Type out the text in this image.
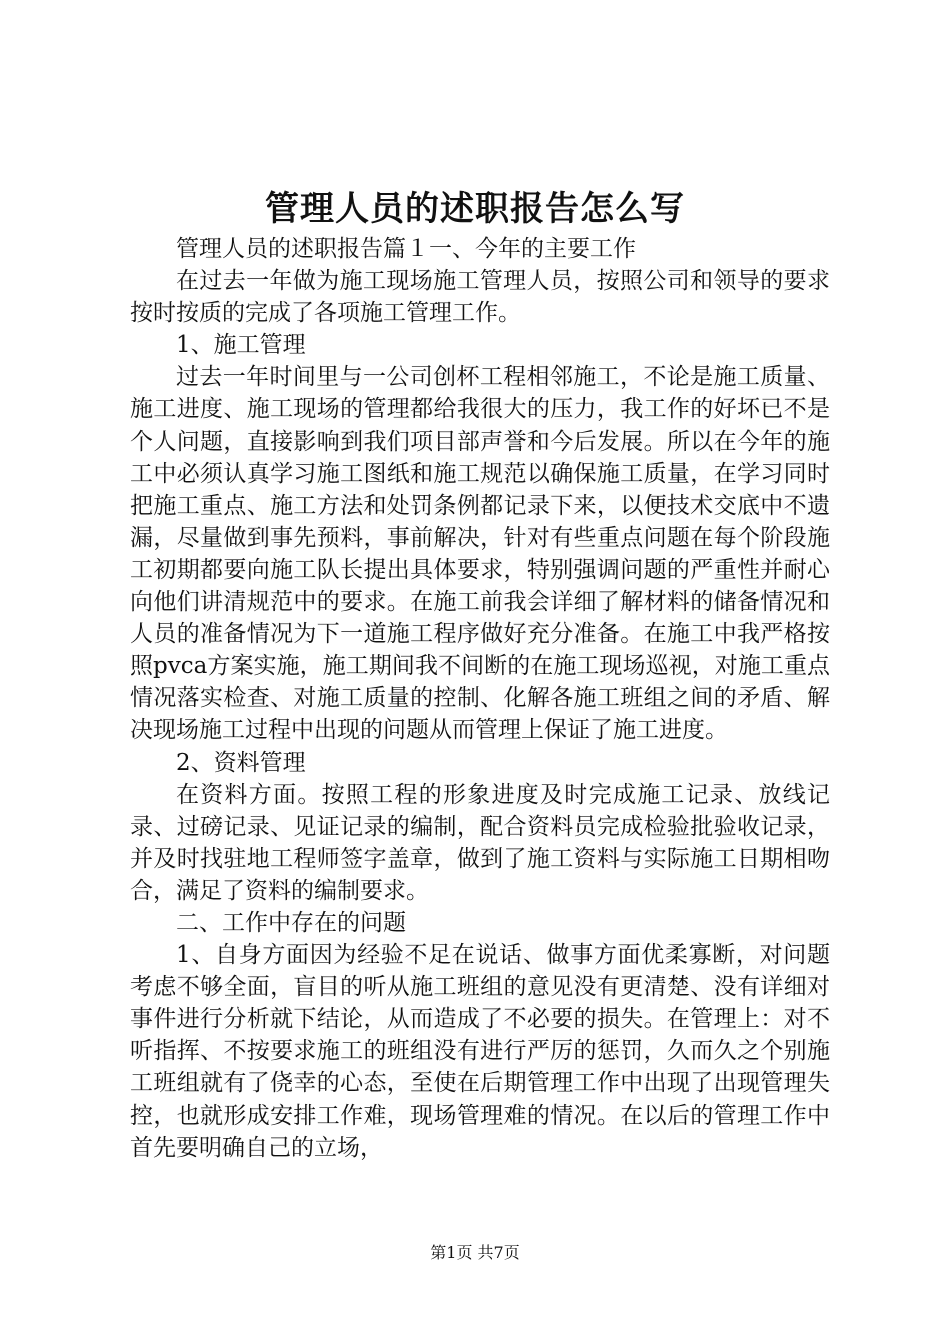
管理人员的述职报告怎么写

管理人员的述职报告篇１一、今年的主要工作

在过去一年做为施工现场施工管理人员，按照公司和领导的要求按时按质的完成了各项施工管理工作。

1、施工管理

过去一年时间里与一公司创杯工程相邻施工，不论是施工质量、施工进度、施工现场的管理都给我很大的压力，我工作的好坏已不是个人问题，直接影响到我们项目部声誉和今后发展。所以在今年的施工中必须认真学习施工图纸和施工规范以确保施工质量，在学习同时把施工重点、施工方法和处罚条例都记录下来，以便技术交底中不遗漏，尽量做到事先预料，事前解决，针对有些重点问题在每个阶段施工初期都要向施工队长提出具体要求，特别强调问题的严重性并耐心向他们讲清规范中的要求。在施工前我会详细了解材料的储备情况和人员的准备情况为下一道施工程序做好充分准备。在施工中我严格按照pvca方案实施，施工期间我不间断的在施工现场巡视，对施工重点情况落实检查、对施工质量的控制、化解各施工班组之间的矛盾、解决现场施工过程中出现的问题从而管理上保证了施工进度。

2、资料管理

在资料方面。按照工程的形象进度及时完成施工记录、放线记录、过磅记录、见证记录的编制，配合资料员完成检验批验收记录，并及时找驻地工程师签字盖章，做到了施工资料与实际施工日期相吻合，满足了资料的编制要求。

二、工作中存在的问题

1、自身方面因为经验不足在说话、做事方面优柔寡断，对问题考虑不够全面，盲目的听从施工班组的意见没有更清楚、没有详细对事件进行分析就下结论，从而造成了不必要的损失。在管理上：对不听指挥、不按要求施工的班组没有进行严厉的惩罚，久而久之个别施工班组就有了侥幸的心态，至使在后期管理工作中出现了出现管理失控，也就形成安排工作难，现场管理难的情况。在以后的管理工作中首先要明确自己的立场，

第1页 共7页
